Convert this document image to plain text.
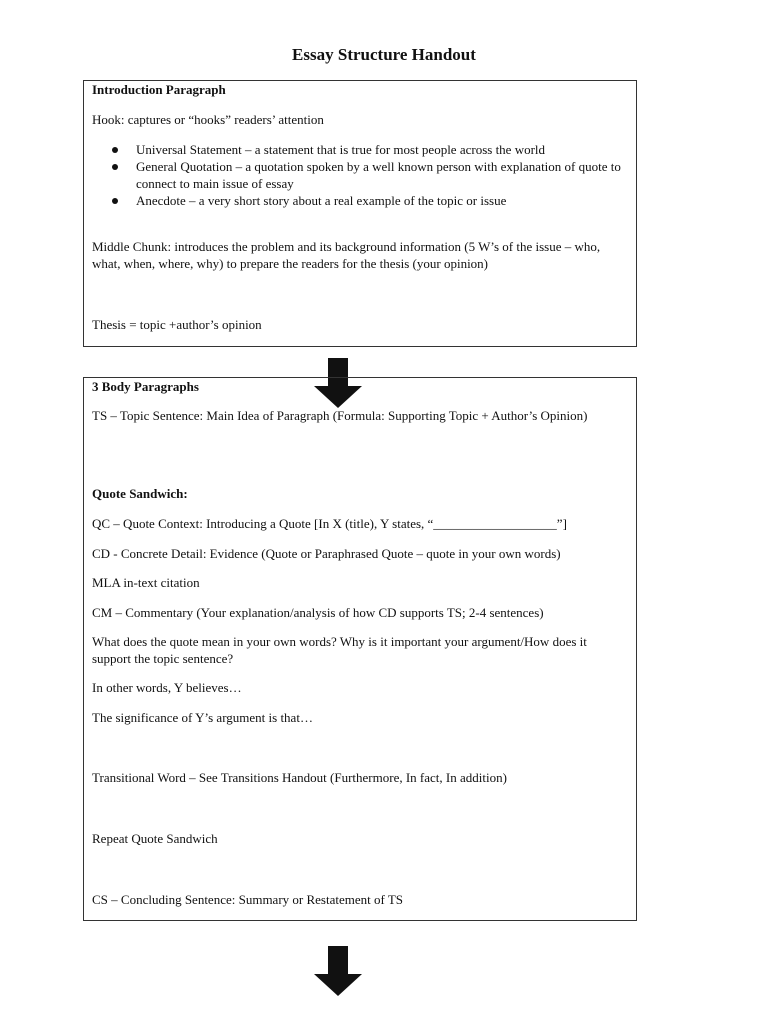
Essay Structure Handout
Introduction Paragraph
Hook: captures or “hooks” readers’ attention
Universal Statement – a statement that is true for most people across the world
General Quotation – a quotation spoken by a well known person with explanation of quote to connect to main issue of essay
Anecdote – a very short story about a real example of the topic or issue
Middle Chunk: introduces the problem and its background information (5 W’s of the issue – who, what, when, where, why) to prepare the readers for the thesis (your opinion)
Thesis = topic +author’s opinion
3 Body Paragraphs
TS – Topic Sentence: Main Idea of Paragraph (Formula: Supporting Topic + Author’s Opinion)
Quote Sandwich:
QC – Quote Context: Introducing a Quote [In X (title), Y states, “___________________”]
CD - Concrete Detail: Evidence (Quote or Paraphrased Quote – quote in your own words)
MLA in-text citation
CM – Commentary (Your explanation/analysis of how CD supports TS; 2-4 sentences)
What does the quote mean in your own words? Why is it important your argument/How does it support the topic sentence?
In other words, Y believes…
The significance of Y’s argument is that…
Transitional Word – See Transitions Handout (Furthermore, In fact, In addition)
Repeat Quote Sandwich
CS – Concluding Sentence: Summary or Restatement of TS
